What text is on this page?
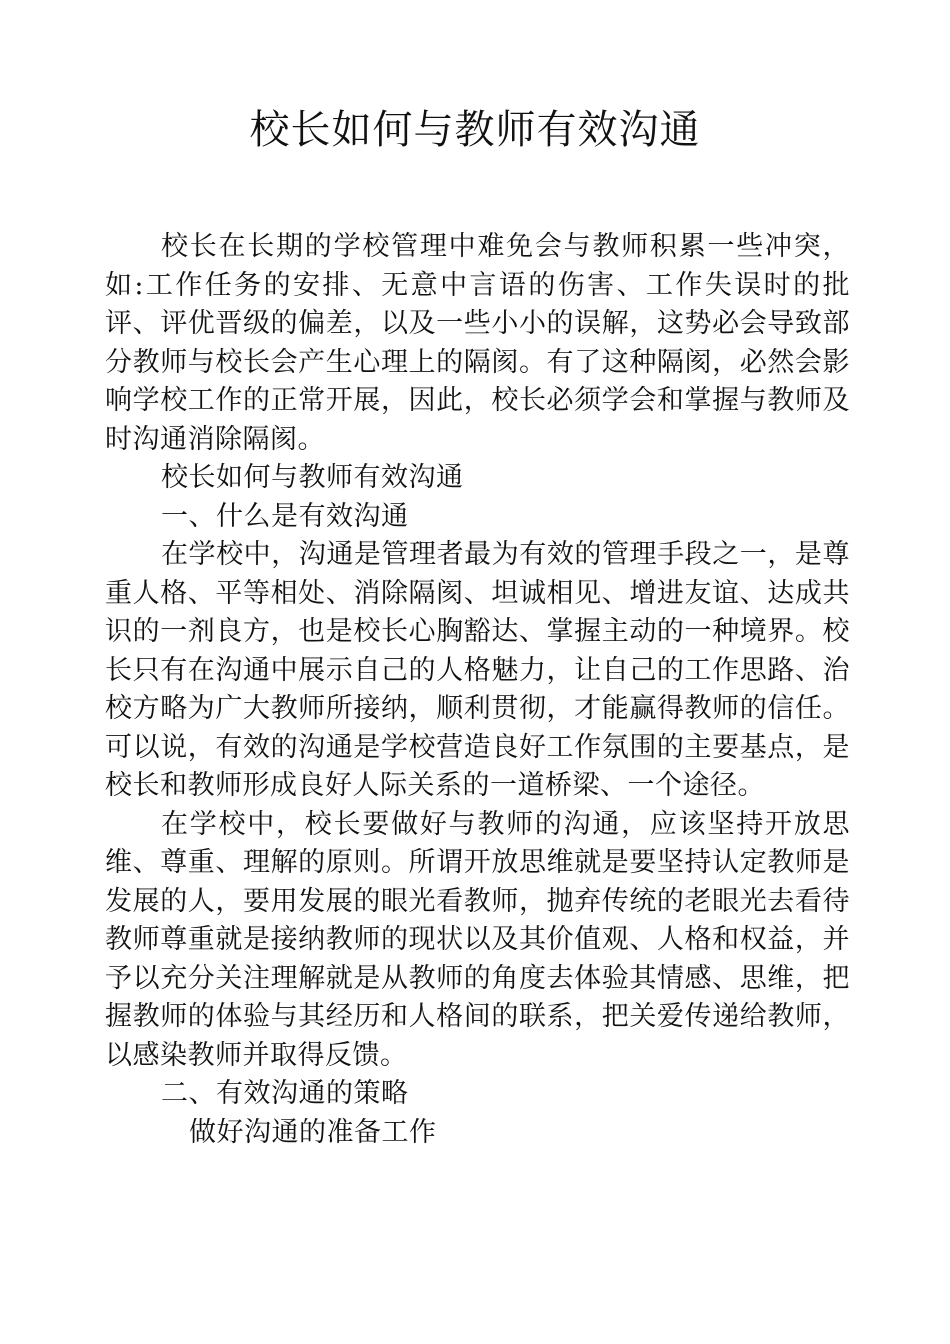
校长如何与教师有效沟通

校长在长期的学校管理中难免会与教师积累一些冲突，如:工作任务的安排、无意中言语的伤害、工作失误时的批评、评优晋级的偏差，以及一些小小的误解，这势必会导致部分教师与校长会产生心理上的隔阂。有了这种隔阂，必然会影响学校工作的正常开展，因此，校长必须学会和掌握与教师及时沟通消除隔阂。

校长如何与教师有效沟通

一、什么是有效沟通

在学校中，沟通是管理者最为有效的管理手段之一，是尊重人格、平等相处、消除隔阂、坦诚相见、增进友谊、达成共识的一剂良方，也是校长心胸豁达、掌握主动的一种境界。校长只有在沟通中展示自己的人格魅力，让自己的工作思路、治校方略为广大教师所接纳，顺利贯彻，才能赢得教师的信任。可以说，有效的沟通是学校营造良好工作氛围的主要基点，是校长和教师形成良好人际关系的一道桥梁、一个途径。

在学校中，校长要做好与教师的沟通，应该坚持开放思维、尊重、理解的原则。所谓开放思维就是要坚持认定教师是发展的人，要用发展的眼光看教师，抛弃传统的老眼光去看待教师尊重就是接纳教师的现状以及其价值观、人格和权益，并予以充分关注理解就是从教师的角度去体验其情感、思维，把握教师的体验与其经历和人格间的联系，把关爱传递给教师，以感染教师并取得反馈。

二、有效沟通的策略

做好沟通的准备工作
